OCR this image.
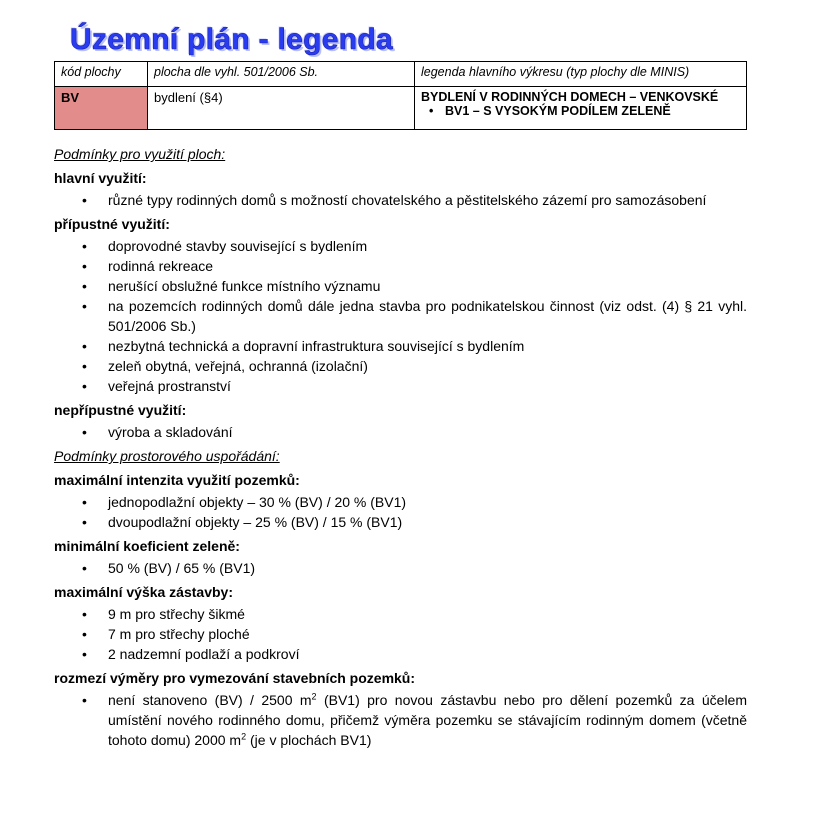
Územní plán - legenda
kód plochy	plocha dle vyhl. 501/2006 Sb.	legenda hlavního výkresu (typ plochy dle MINIS)
BV	bydlení (§4)	BYDLENÍ V RODINNÝCH DOMECH – VENKOVSKÉ
• BV1 – S VYSOKÝM PODÍLEM ZELENĚ
Podmínky pro využití ploch:
hlavní využití:
• různé typy rodinných domů s možností chovatelského a pěstitelského zázemí pro samozásobení
přípustné využití:
• doprovodné stavby související s bydlením
• rodinná rekreace
• nerušící obslužné funkce místního významu
• na pozemcích rodinných domů dále jedna stavba pro podnikatelskou činnost (viz odst. (4) § 21 vyhl. 501/2006 Sb.)
• nezbytná technická a dopravní infrastruktura související s bydlením
• zeleň obytná, veřejná, ochranná (izolační)
• veřejná prostranství
nepřípustné využití:
• výroba a skladování
Podmínky prostorového uspořádání:
maximální intenzita využití pozemků:
• jednopodlažní objekty – 30 % (BV) / 20 % (BV1)
• dvoupodlažní objekty – 25 % (BV) / 15 % (BV1)
minimální koeficient zeleně:
• 50 % (BV) / 65 % (BV1)
maximální výška zástavby:
• 9 m pro střechy šikmé
• 7 m pro střechy ploché
• 2 nadzemní podlaží a podkroví
rozmezí výměry pro vymezování stavebních pozemků:
• není stanoveno (BV) / 2500 $m^2$ (BV1) pro novou zástavbu nebo pro dělení pozemků za účelem umístění nového rodinného domu, přičemž výměra pozemku se stávajícím rodinným domem (včetně tohoto domu) 2000 $m^2$ (je v plochách BV1)
